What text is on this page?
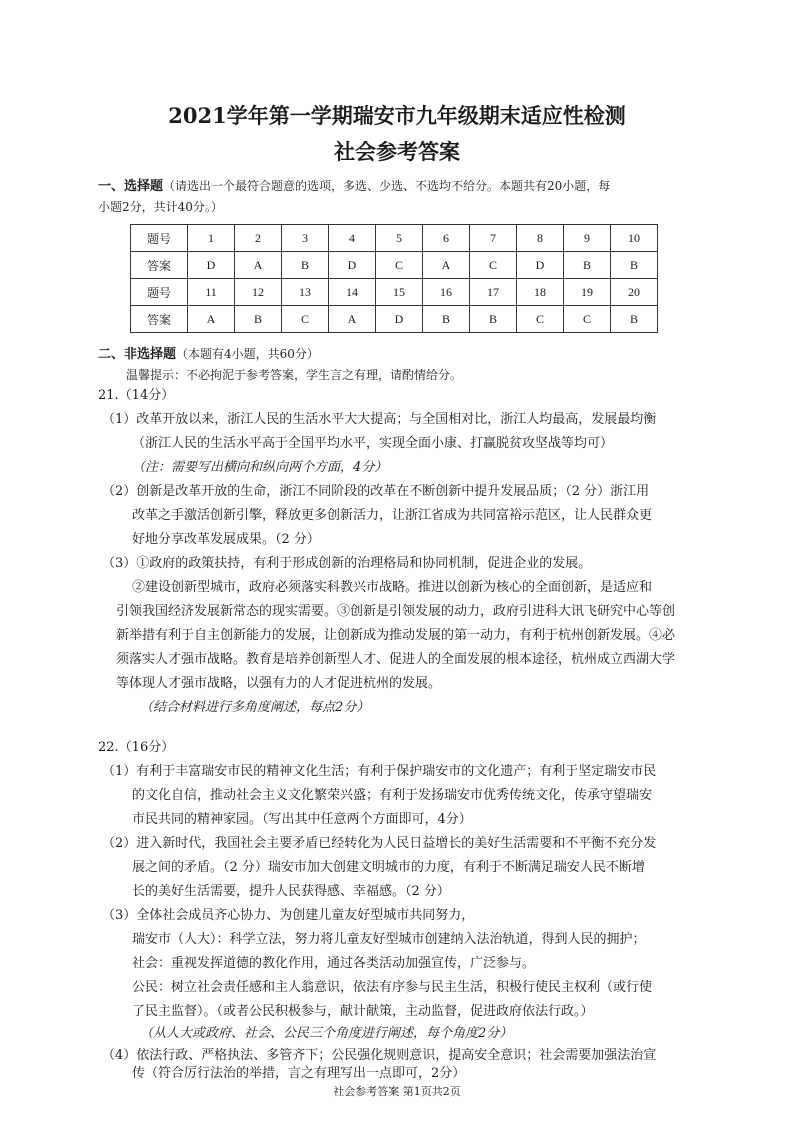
2021学年第一学期瑞安市九年级期末适应性检测
社会参考答案
一、选择题（请选出一个最符合题意的选项，多选、少选、不选均不给分。本题共有20小题，每
小题2分，共计40分。）
题号	1	2	3	4	5	6	7	8	9	10
答案	D	A	B	D	C	A	C	D	B	B
题号	11	12	13	14	15	16	17	18	19	20
答案	A	B	C	A	D	B	B	C	C	B
二、非选择题（本题有4小题，共60分）
温馨提示：不必拘泥于参考答案，学生言之有理，请酌情给分。
21.（14分）
（1）改革开放以来，浙江人民的生活水平大大提高；与全国相对比，浙江人均最高，发展最均衡
（浙江人民的生活水平高于全国平均水平，实现全面小康、打赢脱贫攻坚战等均可）
（注：需要写出横向和纵向两个方面，4分）
（2）创新是改革开放的生命，浙江不同阶段的改革在不断创新中提升发展品质；（2 分）浙江用
改革之手激活创新引擎，释放更多创新活力，让浙江省成为共同富裕示范区，让人民群众更
好地分享改革发展成果。（2 分）
（3）①政府的政策扶持，有利于形成创新的治理格局和协同机制，促进企业的发展。
②建设创新型城市，政府必须落实科教兴市战略。推进以创新为核心的全面创新，是适应和
引领我国经济发展新常态的现实需要。③创新是引领发展的动力，政府引进科大讯飞研究中心等创
新举措有利于自主创新能力的发展，让创新成为推动发展的第一动力，有利于杭州创新发展。④必
须落实人才强市战略。教育是培养创新型人才、促进人的全面发展的根本途径，杭州成立西湖大学
等体现人才强市战略，以强有力的人才促进杭州的发展。
（结合材料进行多角度阐述，每点2分）
22.（16分）
（1）有利于丰富瑞安市民的精神文化生活；有利于保护瑞安市的文化遗产；有利于坚定瑞安市民
的文化自信，推动社会主义文化繁荣兴盛；有利于发扬瑞安市优秀传统文化，传承守望瑞安
市民共同的精神家园。（写出其中任意两个方面即可，4分）
（2）进入新时代，我国社会主要矛盾已经转化为人民日益增长的美好生活需要和不平衡不充分发
展之间的矛盾。（2 分）瑞安市加大创建文明城市的力度，有利于不断满足瑞安人民不断增
长的美好生活需要，提升人民获得感、幸福感。（2 分）
（3）全体社会成员齐心协力、为创建儿童友好型城市共同努力，
瑞安市（人大）：科学立法，努力将儿童友好型城市创建纳入法治轨道，得到人民的拥护；
社会：重视发挥道德的教化作用，通过各类活动加强宣传，广泛参与。
公民：树立社会责任感和主人翁意识，依法有序参与民主生活，积极行使民主权利（或行使
了民主监督）。（或者公民积极参与，献计献策，主动监督，促进政府依法行政。）
（从人大或政府、社会、公民三个角度进行阐述，每个角度2分）
（4）依法行政、严格执法、多管齐下；公民强化规则意识，提高安全意识；社会需要加强法治宣
传（符合厉行法治的举措，言之有理写出一点即可，2分）
社会参考答案 第1页共2页
